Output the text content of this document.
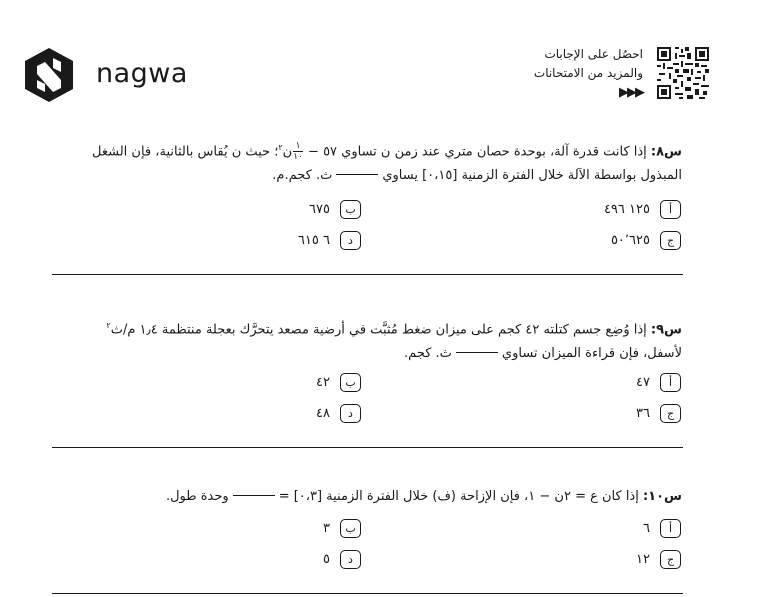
nagwa
احصُل على الإجابات
والمزيد من الامتحانات
▶▶▶
س٨: إذا كانت قدرة آلة، بوحدة حصان متري عند زمن ن تساوي ٥٧ −
$\frac{١}{١٠}$
ن$^٢$؛ حيث ن يُقاس بالثانية، فإن الشغل
المبذول بواسطة الآلة خلال الفترة الزمنية [٠،١٥] يساويث. كجم.م.
أ
١٢٥ ٤٩٦
ب
٦٧٥
ج
٥٠٬٦٢٥
د
٦ ٦١٥
س٩: إذا وُضِع جسم كتلته ٤٢ كجم على ميزان ضغط مُثبَّت في أرضية مصعد يتحرَّك بعجلة منتظمة ١٫٤ م/ث$^٢$
لأسفل، فإن قراءة الميزان تساويث. كجم.
أ
٤٧
ب
٤٢
ج
٣٦
د
٤٨
س١٠: إذا كان ع = ٢ن − ١، فإن الإزاحة (ف) خلال الفترة الزمنية [٠،٣] =وحدة طول.
أ
٦
ب
٣
ج
١٢
د
٥
